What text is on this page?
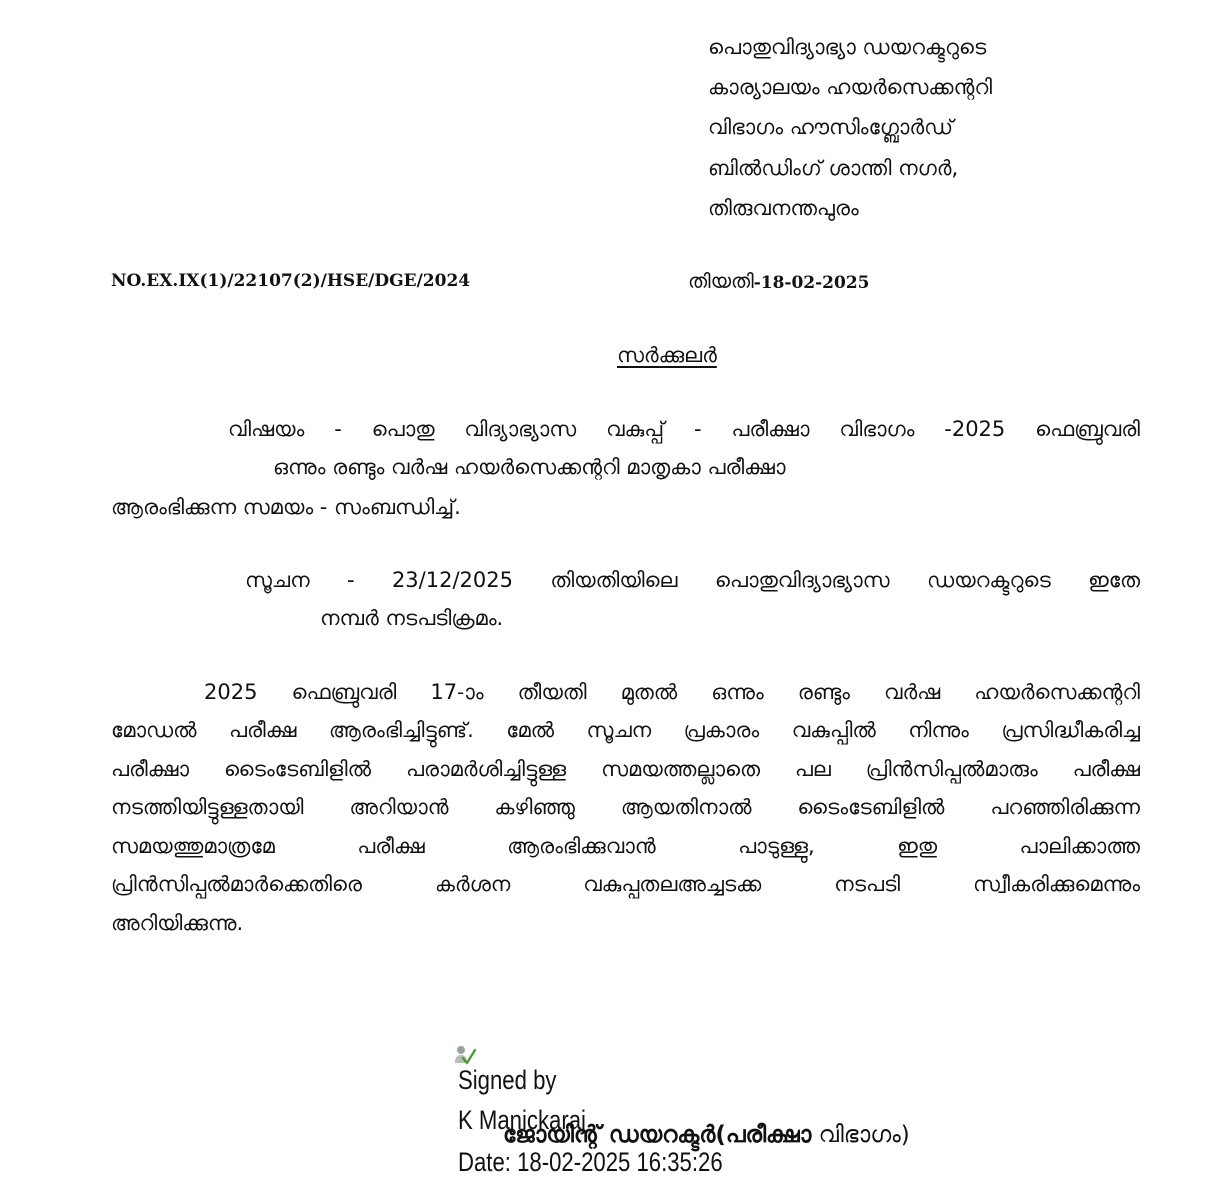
പൊതുവിദ്യാഭ്യാ ഡയറക്ടറുടെ
കാര്യാലയം ഹയർസെക്കന്ററി
വിഭാഗം ഹൗസിംഗ്ബോർഡ്
ബിൽഡിംഗ് ശാന്തി നഗർ,
തിരുവനന്തപുരം
NO.EX.IX(1)/22107(2)/HSE/DGE/2024	തിയതി-18-02-2025
സർക്കുലർ
വിഷയം - പൊതു വിദ്യാഭ്യാസ വകുപ്പ് - പരീക്ഷാ വിഭാഗം -2025 ഫെബ്രുവരി
ഒന്നും രണ്ടും വർഷ ഹയർസെക്കന്ററി മാതൃകാ പരീക്ഷാ
ആരംഭിക്കുന്ന സമയം - സംബന്ധിച്ച്.
സൂചന - 23/12/2025 തിയതിയിലെ പൊതുവിദ്യാഭ്യാസ ഡയറക്ടറുടെ ഇതേ
നമ്പർ നടപടിക്രമം.
2025 ഫെബ്രുവരി 17-ാം തീയതി മുതൽ ഒന്നും രണ്ടും വർഷ ഹയർസെക്കന്ററി
മോഡൽ പരീക്ഷ ആരംഭിച്ചിട്ടുണ്ട്. മേൽ സൂചന പ്രകാരം വകുപ്പിൽ നിന്നും പ്രസിദ്ധീകരിച്ച
പരീക്ഷാ ടൈംടേബിളിൽ പരാമർശിച്ചിട്ടുള്ള സമയത്തല്ലാതെ പല പ്രിൻസിപ്പൽമാരും പരീക്ഷ
നടത്തിയിട്ടുള്ളതായി അറിയാൻ കഴിഞ്ഞു ആയതിനാൽ ടൈംടേബിളിൽ പറഞ്ഞിരിക്കുന്ന
സമയത്തുമാത്രമേ പരീക്ഷ ആരംഭിക്കുവാൻ പാടുള്ളു, ഇതു പാലിക്കാത്ത
പ്രിൻസിപ്പൽമാർക്കെതിരെ കർശന വകുപ്പതലഅച്ചടക്ക നടപടി സ്വീകരിക്കുമെന്നും
അറിയിക്കുന്നു.
Signed by
K Manickaraj
ജോയിന്റ് ഡയറക്ടർ(പരീക്ഷാ വിഭാഗം)
Date: 18-02-2025 16:35:26
